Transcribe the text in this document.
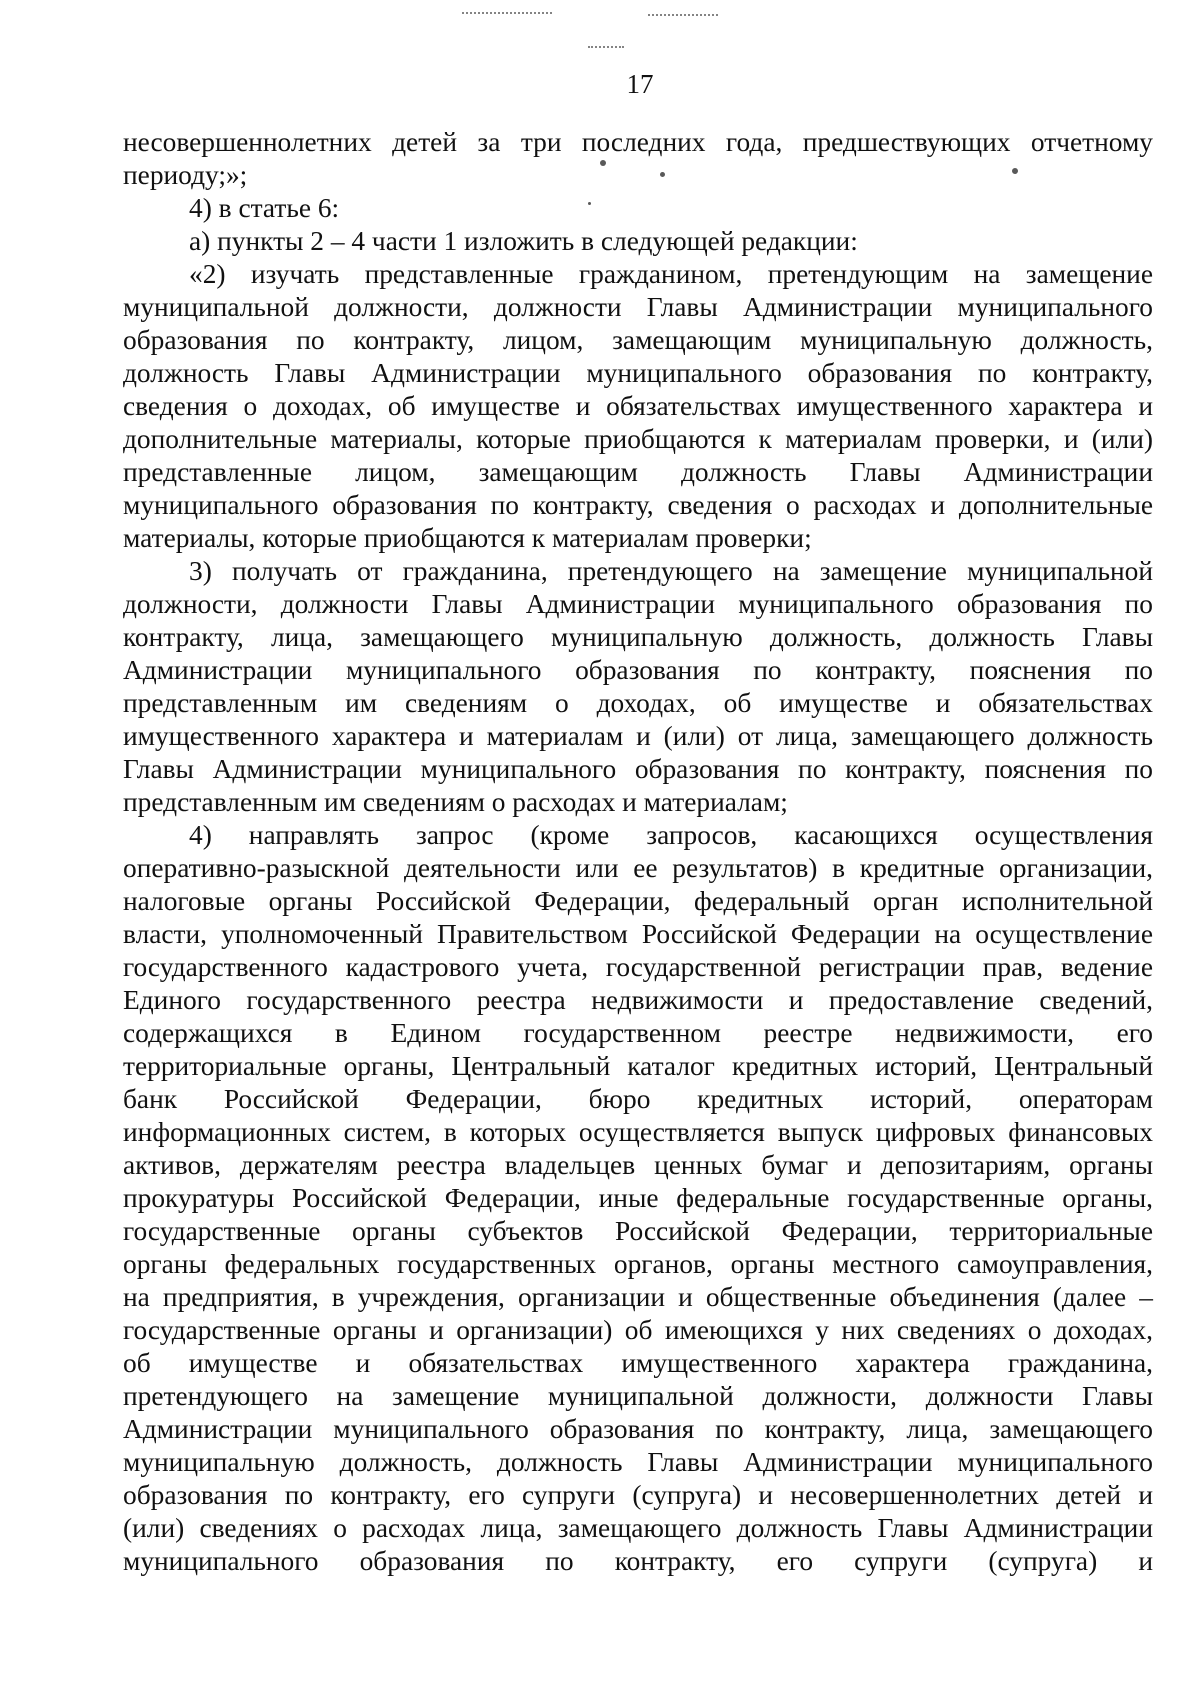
17
несовершеннолетних детей за три последних года, предшествующих отчетному
периоду;»;
4) в статье 6:
а) пункты 2 – 4 части 1 изложить в следующей редакции:
«2) изучать представленные гражданином, претендующим на замещение
муниципальной должности, должности Главы Администрации муниципального
образования по контракту, лицом, замещающим муниципальную должность,
должность Главы Администрации муниципального образования по контракту,
сведения о доходах, об имуществе и обязательствах имущественного характера и
дополнительные материалы, которые приобщаются к материалам проверки, и (или)
представленные лицом, замещающим должность Главы Администрации
муниципального образования по контракту, сведения о расходах и дополнительные
материалы, которые приобщаются к материалам проверки;
3) получать от гражданина, претендующего на замещение муниципальной
должности, должности Главы Администрации муниципального образования по
контракту, лица, замещающего муниципальную должность, должность Главы
Администрации муниципального образования по контракту, пояснения по
представленным им сведениям о доходах, об имуществе и обязательствах
имущественного характера и материалам и (или) от лица, замещающего должность
Главы Администрации муниципального образования по контракту, пояснения по
представленным им сведениям о расходах и материалам;
4) направлять запрос (кроме запросов, касающихся осуществления
оперативно-разыскной деятельности или ее результатов) в кредитные организации,
налоговые органы Российской Федерации, федеральный орган исполнительной
власти, уполномоченный Правительством Российской Федерации на осуществление
государственного кадастрового учета, государственной регистрации прав, ведение
Единого государственного реестра недвижимости и предоставление сведений,
содержащихся в Едином государственном реестре недвижимости, его
территориальные органы, Центральный каталог кредитных историй, Центральный
банк Российской Федерации, бюро кредитных историй, операторам
информационных систем, в которых осуществляется выпуск цифровых финансовых
активов, держателям реестра владельцев ценных бумаг и депозитариям, органы
прокуратуры Российской Федерации, иные федеральные государственные органы,
государственные органы субъектов Российской Федерации, территориальные
органы федеральных государственных органов, органы местного самоуправления,
на предприятия, в учреждения, организации и общественные объединения (далее –
государственные органы и организации) об имеющихся у них сведениях о доходах,
об имуществе и обязательствах имущественного характера гражданина,
претендующего на замещение муниципальной должности, должности Главы
Администрации муниципального образования по контракту, лица, замещающего
муниципальную должность, должность Главы Администрации муниципального
образования по контракту, его супруги (супруга) и несовершеннолетних детей и
(или) сведениях о расходах лица, замещающего должность Главы Администрации
муниципального образования по контракту, его супруги (супруга) и
